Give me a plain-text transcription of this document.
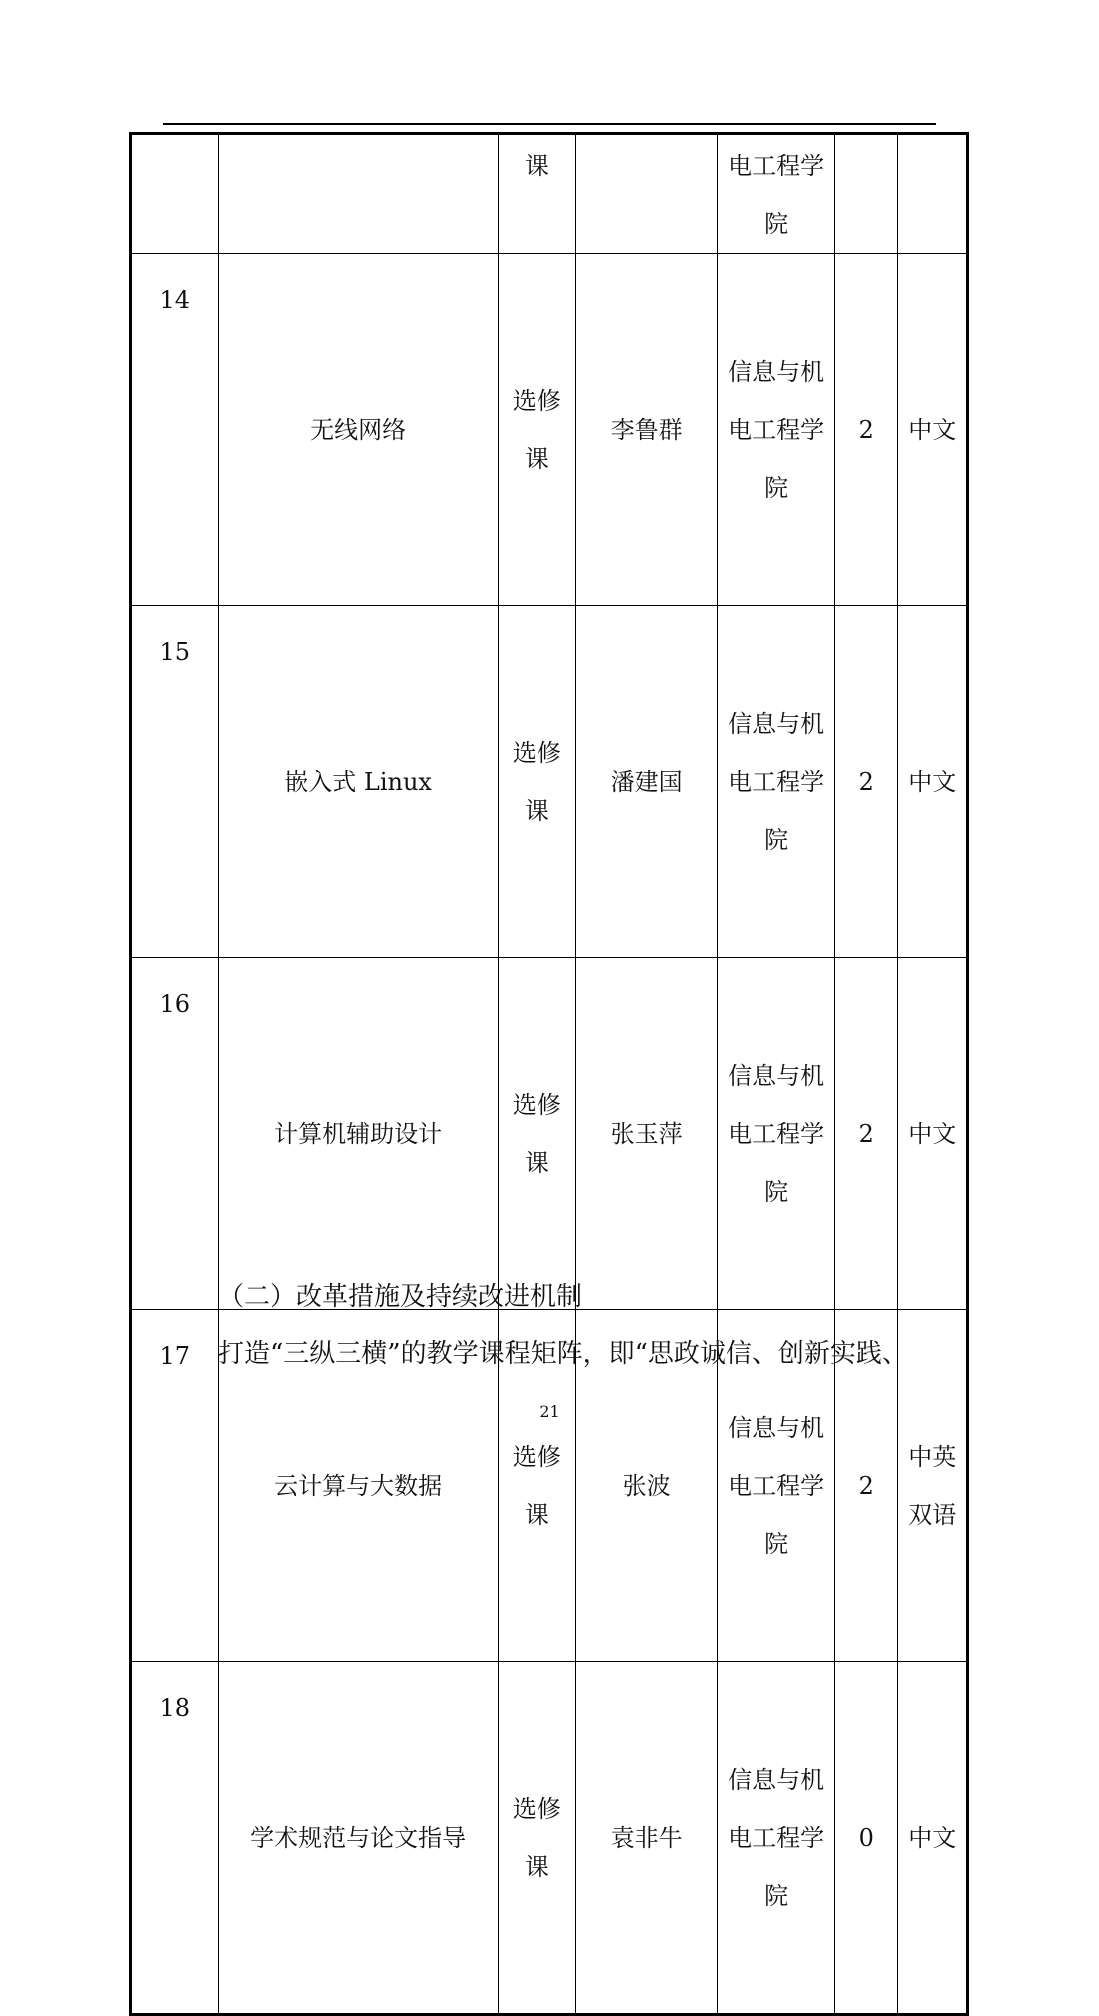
		课		电工程学院		

14	无线网络	选修课	李鲁群	信息与机电工程学院	2	中文

15	嵌入式 Linux	选修课	潘建国	信息与机电工程学院	2	中文

16	计算机辅助设计	选修课	张玉萍	信息与机电工程学院	2	中文

17	云计算与大数据	选修课	张波	信息与机电工程学院	2	中英双语

18	学术规范与论文指导	选修课	袁非牛	信息与机电工程学院	0	中文
（二）改革措施及持续改进机制
打造“三纵三横”的教学课程矩阵，即“思政诚信、创新实践、
21
